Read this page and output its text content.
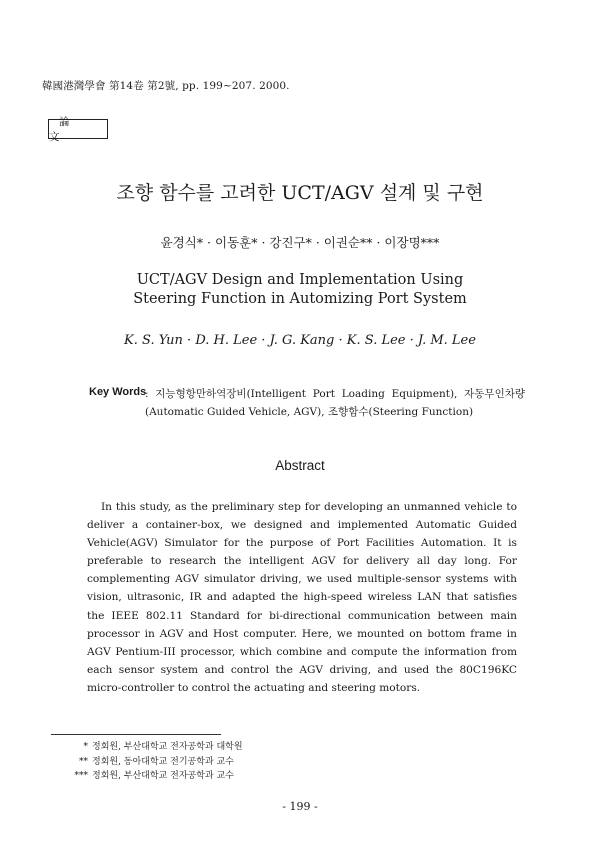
韓國港灣學會 第14卷 第2號, pp. 199~207. 2000.
論 文
조향 함수를 고려한 UCT/AGV 설계 및 구현
윤경식* · 이동훈* · 강진구* · 이권순** · 이장명***
UCT/AGV Design and Implementation Using
Steering Function in Automizing Port System
K. S. Yun · D. H. Lee · J. G. Kang · K. S. Lee · J. M. Lee
Key Words
: 지능형항만하역장비(Intelligent Port Loading Equipment), 자동무인차량(Automatic Guided Vehicle, AGV), 조향함수(Steering Function)
Abstract

In this study, as the preliminary step for developing an unmanned vehicle to deliver a container-box, we designed and implemented Automatic Guided Vehicle(AGV) Simulator for the purpose of Port Facilities Automation. It is preferable to research the intelligent AGV for delivery all day long. For complementing AGV simulator driving, we used multiple-sensor systems with vision, ultrasonic, IR and adapted the high-speed wireless LAN that satisfies the IEEE 802.11 Standard for bi-directional communication between main processor in AGV and Host computer. Here, we mounted on bottom frame in AGV Pentium-III processor, which combine and compute the information from each sensor system and control the AGV driving, and used the 80C196KC micro-controller to control the actuating and steering motors.

* 정회원, 부산대학교 전자공학과 대학원
** 정회원, 동아대학교 전기공학과 교수
*** 정회원, 부산대학교 전자공학과 교수
- 199 -
